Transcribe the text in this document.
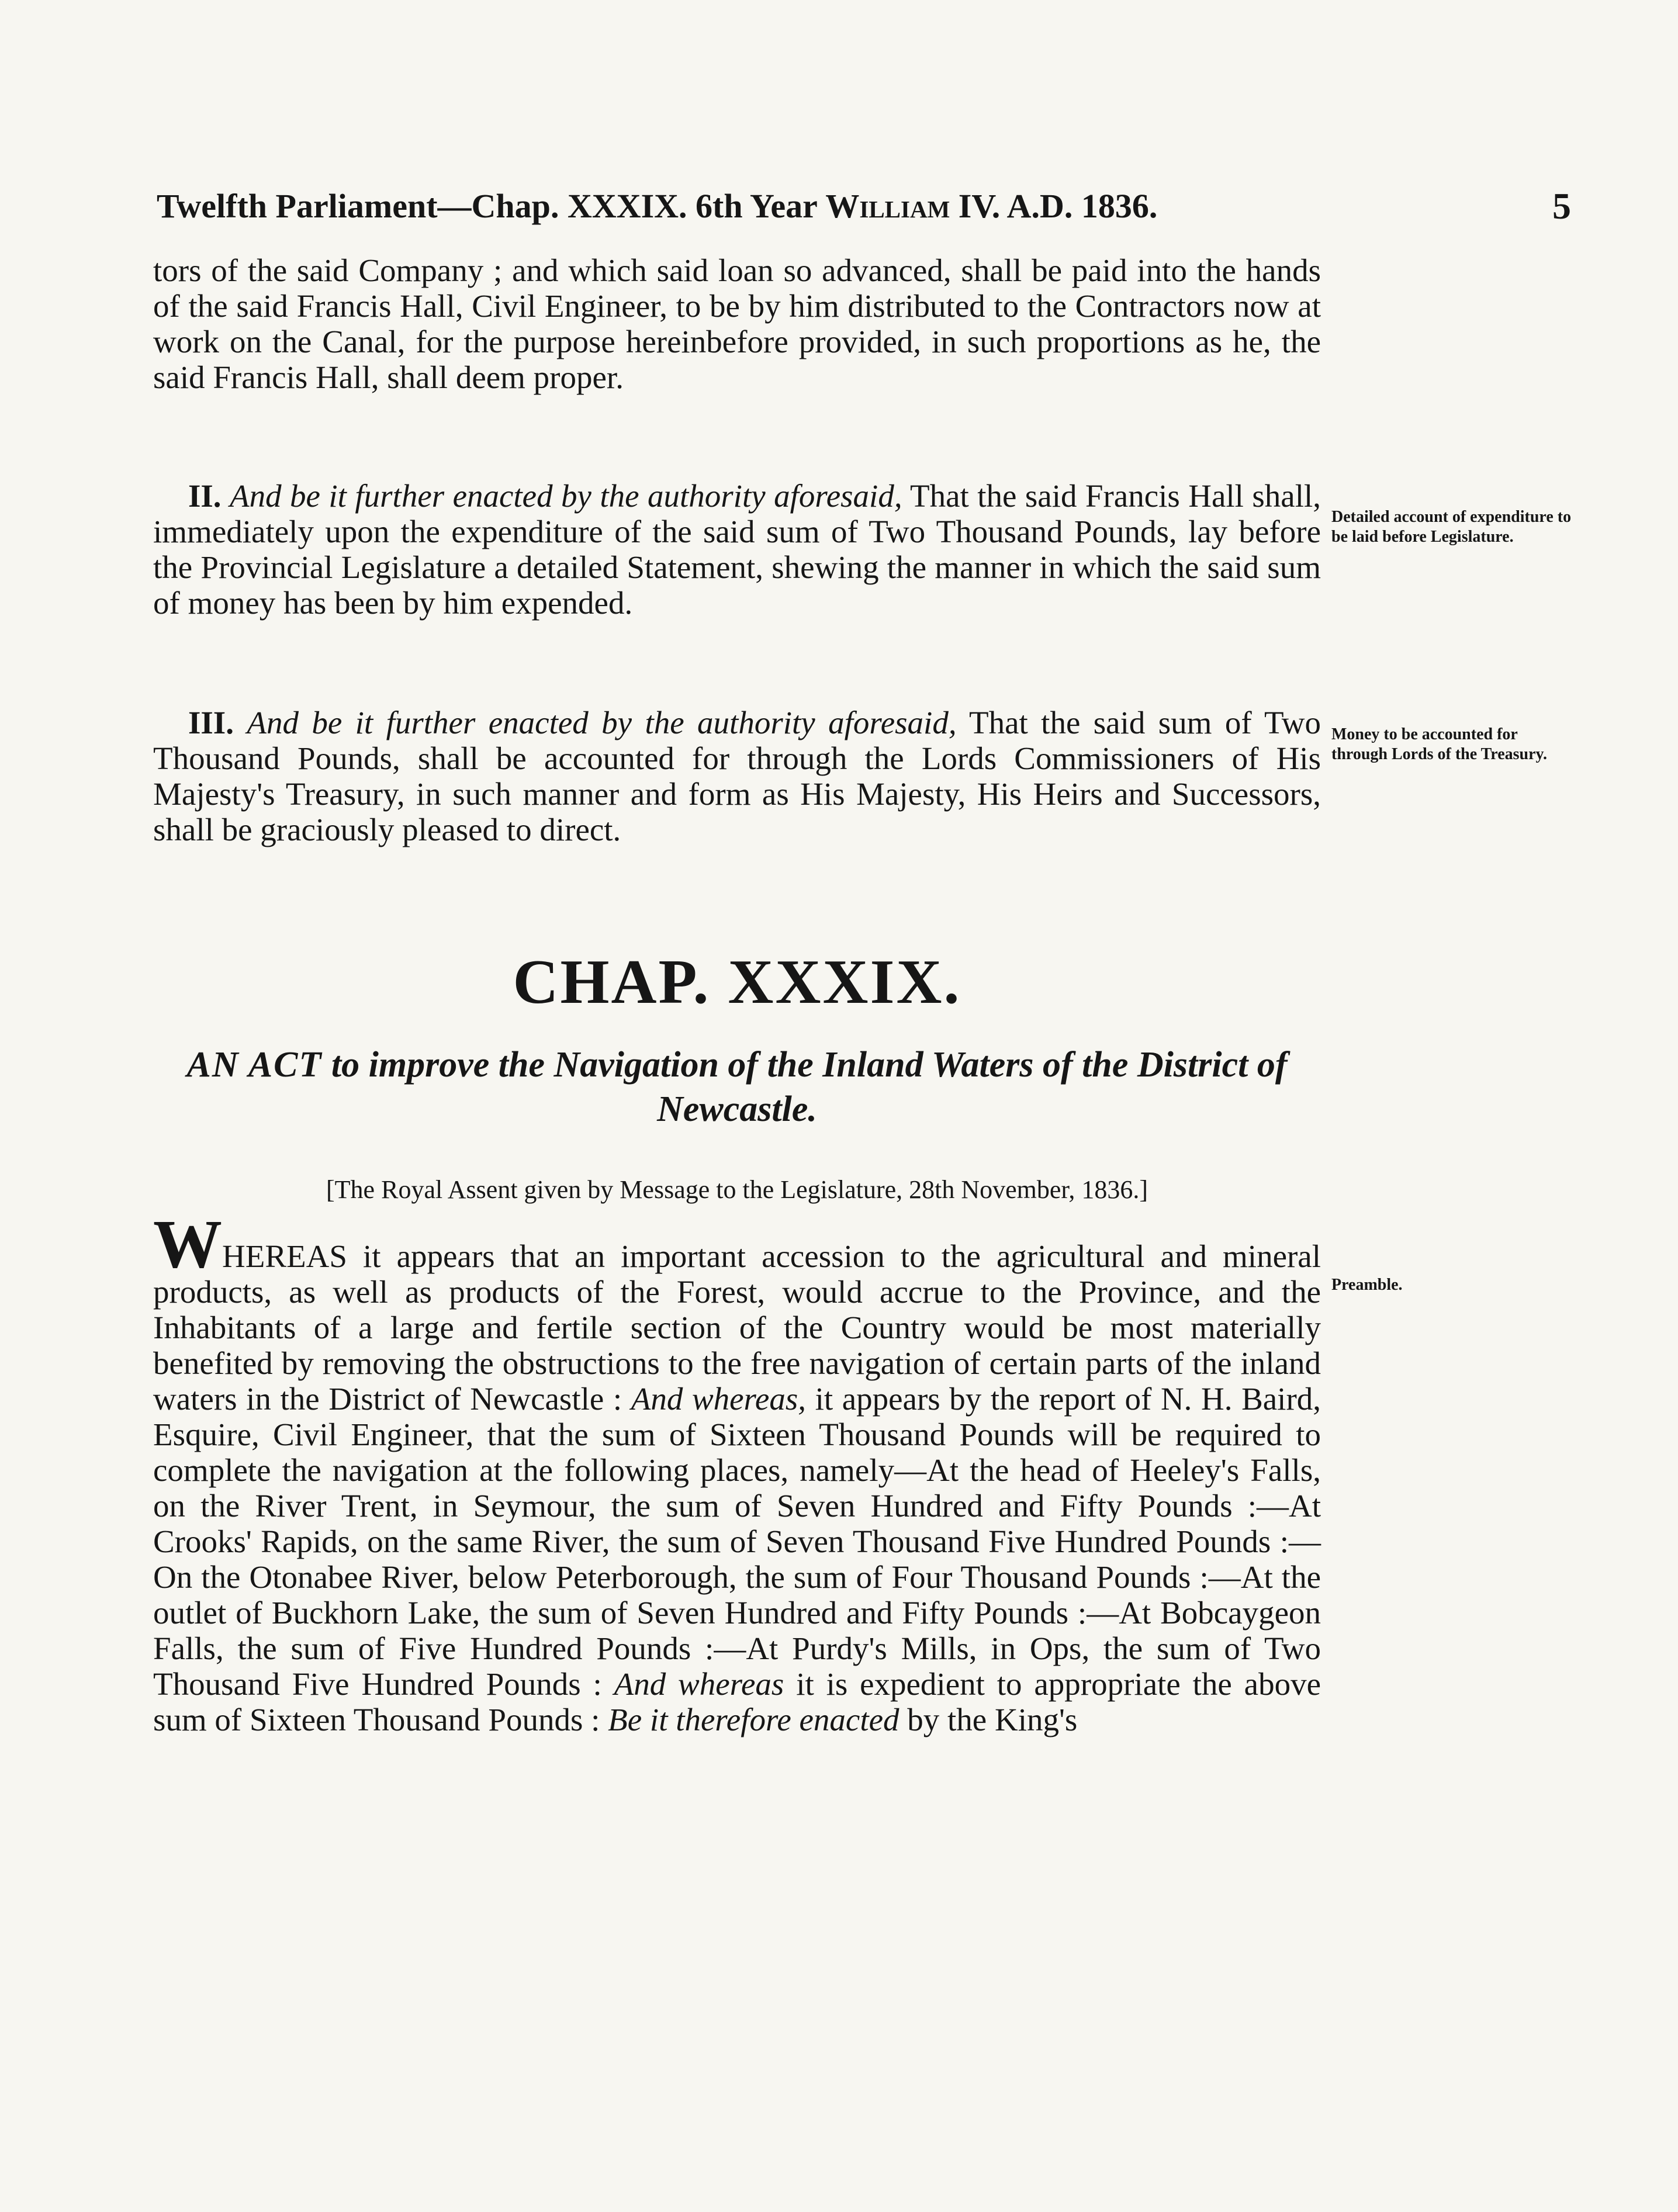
Twelfth Parliament—Chap. XXXIX. 6th Year William IV. A.D. 1836.	5

tors of the said Company ; and which said loan so advanced, shall be paid into the hands of the said Francis Hall, Civil Engineer, to be by him distributed to the Contractors now at work on the Canal, for the purpose hereinbefore provided, in such proportions as he, the said Francis Hall, shall deem proper.

II. And be it further enacted by the authority aforesaid, That the said Francis Hall shall, immediately upon the expenditure of the said sum of Two Thousand Pounds, lay before the Provincial Legislature a detailed Statement, shewing the manner in which the said sum of money has been by him expended.

Detailed account of expenditure to be laid before Legislature.

III. And be it further enacted by the authority aforesaid, That the said sum of Two Thousand Pounds, shall be accounted for through the Lords Commissioners of His Majesty's Treasury, in such manner and form as His Majesty, His Heirs and Successors, shall be graciously pleased to direct.

Money to be accounted for through Lords of the Treasury.
CHAP. XXXIX.
AN ACT to improve the Navigation of the Inland Waters of the District of Newcastle.
[The Royal Assent given by Message to the Legislature, 28th November, 1836.]

WHEREAS it appears that an important accession to the agricultural and mineral products, as well as products of the Forest, would accrue to the Province, and the Inhabitants of a large and fertile section of the Country would be most materially benefited by removing the obstructions to the free navigation of certain parts of the inland waters in the District of Newcastle : And whereas, it appears by the report of N. H. Baird, Esquire, Civil Engineer, that the sum of Sixteen Thousand Pounds will be required to complete the navigation at the following places, namely—At the head of Heeley's Falls, on the River Trent, in Seymour, the sum of Seven Hundred and Fifty Pounds :—At Crooks' Rapids, on the same River, the sum of Seven Thousand Five Hundred Pounds :—On the Otonabee River, below Peterborough, the sum of Four Thousand Pounds :—At the outlet of Buckhorn Lake, the sum of Seven Hundred and Fifty Pounds :—At Bobcaygeon Falls, the sum of Five Hundred Pounds :—At Purdy's Mills, in Ops, the sum of Two Thousand Five Hundred Pounds : And whereas it is expedient to appropriate the above sum of Sixteen Thousand Pounds : Be it therefore enacted by the King's

Preamble.
